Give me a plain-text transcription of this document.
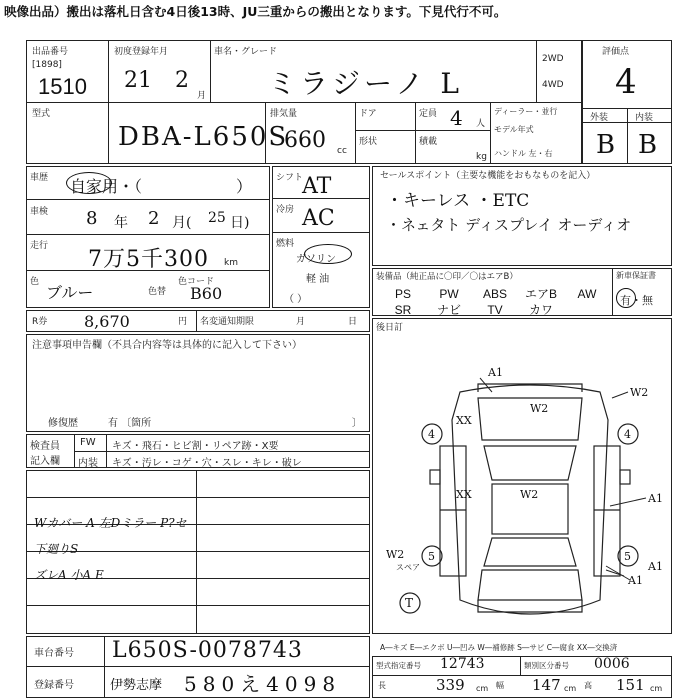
映像出品）搬出は落札日含む4日後13時、JU三重からの搬出となります。下見代行不可。
出品番号
[1898]
1510
初度登録年月
21 2
月
車名・グレード
ミラジーノ L
2WD
4WD
評価点
4
外装	内装
B B
型式
DBA-L650S
排気量
660 cc
ドア
形状
定員 4 人
積載
kg
ディーラー・並行
モデル年式
ハンドル 左・右
車歴 自家用・（	）
車検 8 年 2 月( 25 日)
走行
7万5千300 km
色
ブルー	色替
色コード
B60
シフト
AT
冷房 AC
燃料
ガソリン
軽 油
（ ）
セールスポイント（主要な機能をおもなものを記入）
・キーレス ・ETC
・ネェタト ディスプレイ オーディオ
装備品（純正品に〇印／〇はエアB）	新車保証書
有・無
PS PW ABS エアB AW
SR ナビ TV カワ
R券 8,670	円 名変通知期限	月	日
後日訂
注意事項申告欄（不具合内容等は具体的に記入して下さい）
修復歴	有 〔箇所	〕
検査員
記入欄
FW キズ・飛石・ヒビ割・リペア跡・X要
内装 キズ・汚レ・コゲ・穴・スレ・キレ・破レ
Wカバー A 左Dミラー P?セ
下廻りS
ズレA 小A E
A1
W2
XX
W2
4	4
XX	W2	A1
W2 5	5
A1
A1
T
スペア
A―キズ E―エクボ U―凹み W―補修跡 S―サビ C―腐食 XX―交換済
車台番号 L650S-0078743
登録番号	伊勢志摩 580え4098
型式指定番号 12743	類別区分番号 0006
長	339 cm 幅 147 cm 高 151 cm
